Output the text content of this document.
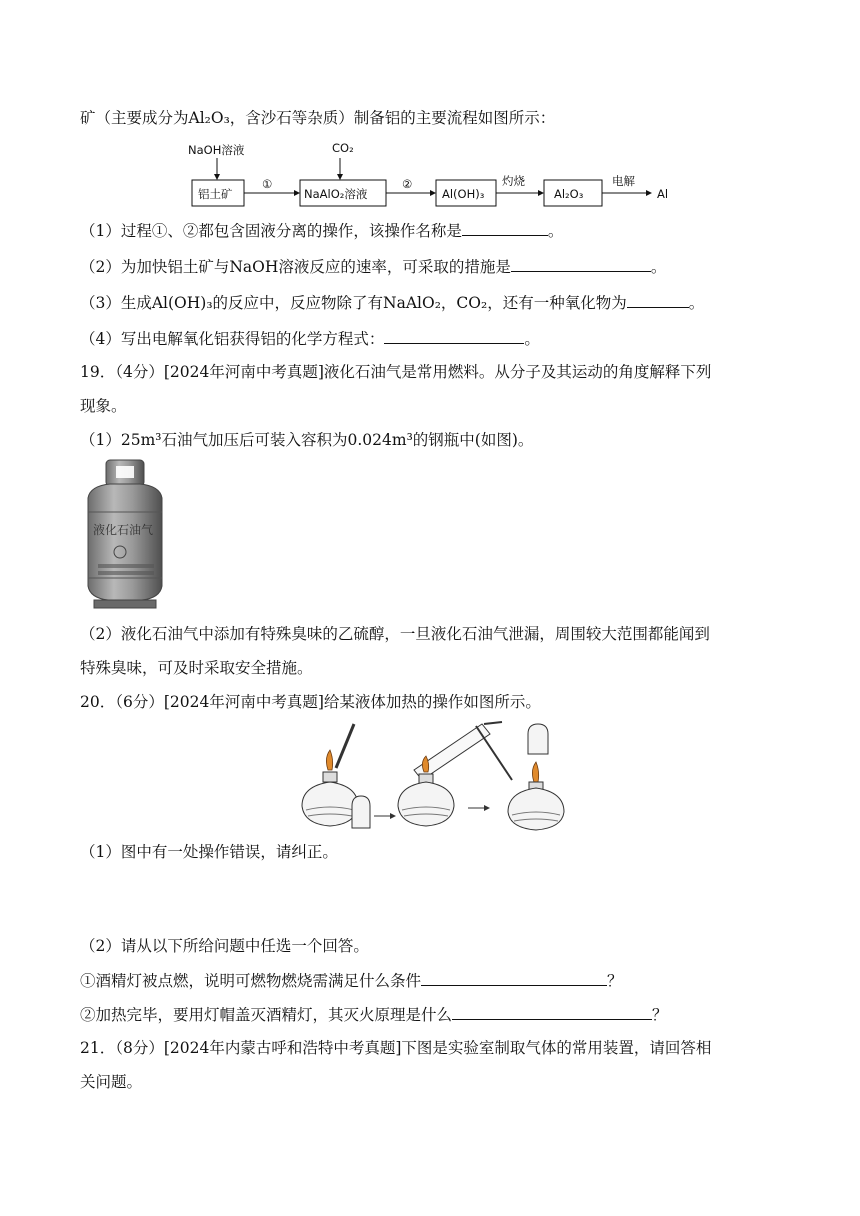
矿（主要成分为Al₂O₃，含沙石等杂质）制备铝的主要流程如图所示：
NaOH溶液
铝土矿
①
CO₂
NaAlO₂溶液
②
Al(OH)₃
灼烧
Al₂O₃
电解
Al
（1）过程①、②都包含固液分离的操作，该操作名称是	。
（2）为加快铝土矿与NaOH溶液反应的速率，可采取的措施是	。
（3）生成Al(OH)₃的反应中，反应物除了有NaAlO₂，CO₂，还有一种氧化物为	。
（4）写出电解氧化铝获得铝的化学方程式：	。
19．（4分）[2024年河南中考真题]液化石油气是常用燃料。从分子及其运动的角度解释下列
现象。
（1）25m³石油气加压后可装入容积为0.024m³的钢瓶中(如图)。
液化石油气
（2）液化石油气中添加有特殊臭味的乙硫醇，一旦液化石油气泄漏，周围较大范围都能闻到
特殊臭味，可及时采取安全措施。
20．（6分）[2024年河南中考真题]给某液体加热的操作如图所示。
（1）图中有一处操作错误，请纠正。
（2）请从以下所给问题中任选一个回答。
①酒精灯被点燃，说明可燃物燃烧需满足什么条件	？
②加热完毕，要用灯帽盖灭酒精灯，其灭火原理是什么	？
21．（8分）[2024年内蒙古呼和浩特中考真题]下图是实验室制取气体的常用装置，请回答相
关问题。
